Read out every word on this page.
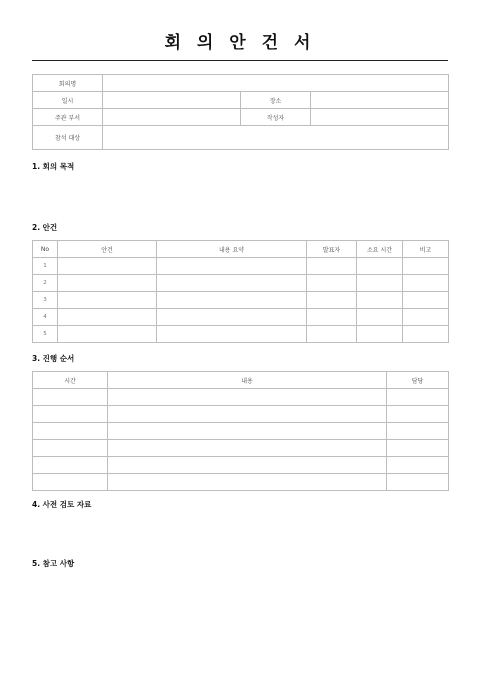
회 의 안 건 서
회의명			
일시		장소	
주관 부서		작성자	
참석 대상			
1. 회의 목적
2. 안건
No	안건	내용 요약	발표자	소요 시간	비고
1					
2					
3					
4					
5					
3. 진행 순서
시간	내용	담당

4. 사전 검토 자료
5. 참고 사항
